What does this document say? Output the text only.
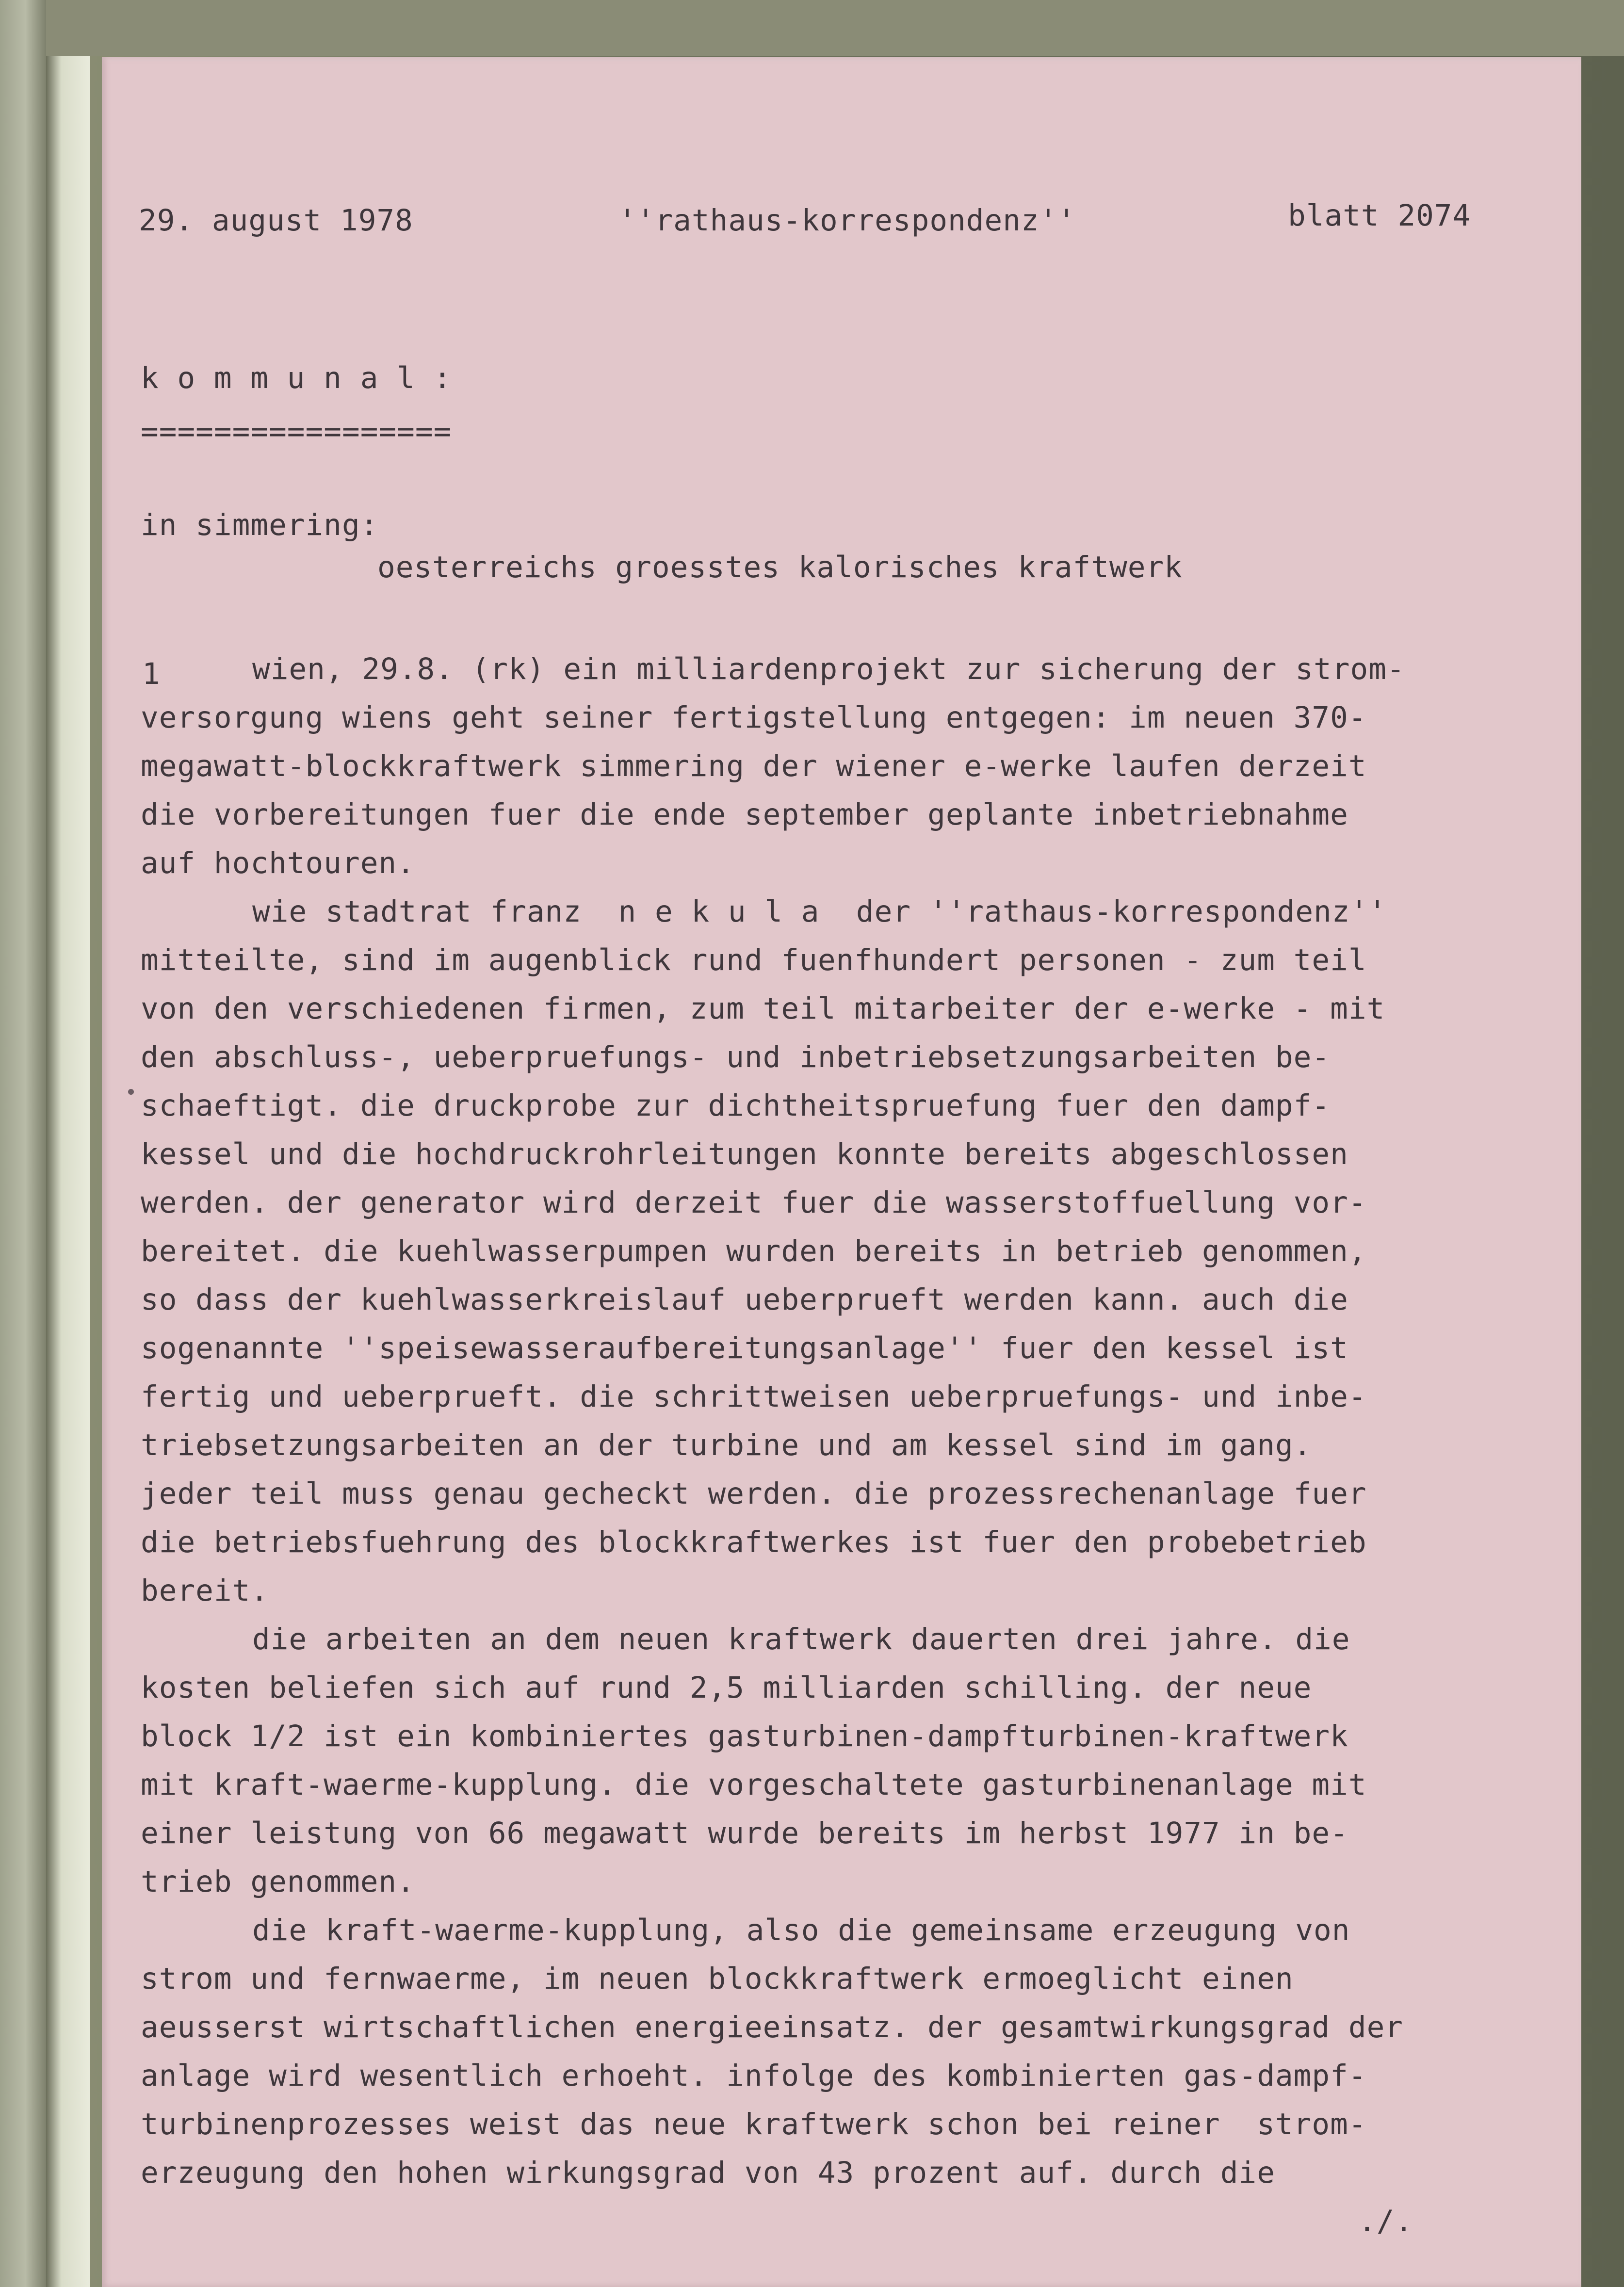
29. august 1978	''rathaus-korrespondenz''	blatt 2074
k o m m u n a l :
=================
in simmering:
oesterreichs groesstes kalorisches kraftwerk
1	wien, 29.8. (rk) ein milliardenprojekt zur sicherung der strom-
versorgung wiens geht seiner fertigstellung entgegen: im neuen 370-
megawatt-blockkraftwerk simmering der wiener e-werke laufen derzeit
die vorbereitungen fuer die ende september geplante inbetriebnahme
auf hochtouren.
wie stadtrat franz  n e k u l a  der ''rathaus-korrespondenz''
mitteilte, sind im augenblick rund fuenfhundert personen - zum teil
von den verschiedenen firmen, zum teil mitarbeiter der e-werke - mit
den abschluss-, ueberpruefungs- und inbetriebsetzungsarbeiten be-
schaeftigt. die druckprobe zur dichtheitspruefung fuer den dampf-
kessel und die hochdruckrohrleitungen konnte bereits abgeschlossen
werden. der generator wird derzeit fuer die wasserstoffuellung vor-
bereitet. die kuehlwasserpumpen wurden bereits in betrieb genommen,
so dass der kuehlwasserkreislauf ueberprueft werden kann. auch die
sogenannte ''speisewasseraufbereitungsanlage'' fuer den kessel ist
fertig und ueberprueft. die schrittweisen ueberpruefungs- und inbe-
triebsetzungsarbeiten an der turbine und am kessel sind im gang.
jeder teil muss genau gecheckt werden. die prozessrechenanlage fuer
die betriebsfuehrung des blockkraftwerkes ist fuer den probebetrieb
bereit.
die arbeiten an dem neuen kraftwerk dauerten drei jahre. die
kosten beliefen sich auf rund 2,5 milliarden schilling. der neue
block 1/2 ist ein kombiniertes gasturbinen-dampfturbinen-kraftwerk
mit kraft-waerme-kupplung. die vorgeschaltete gasturbinenanlage mit
einer leistung von 66 megawatt wurde bereits im herbst 1977 in be-
trieb genommen.
die kraft-waerme-kupplung, also die gemeinsame erzeugung von
strom und fernwaerme, im neuen blockkraftwerk ermoeglicht einen
aeusserst wirtschaftlichen energieeinsatz. der gesamtwirkungsgrad der
anlage wird wesentlich erhoeht. infolge des kombinierten gas-dampf-
turbinenprozesses weist das neue kraftwerk schon bei reiner  strom-
erzeugung den hohen wirkungsgrad von 43 prozent auf. durch die
./.
